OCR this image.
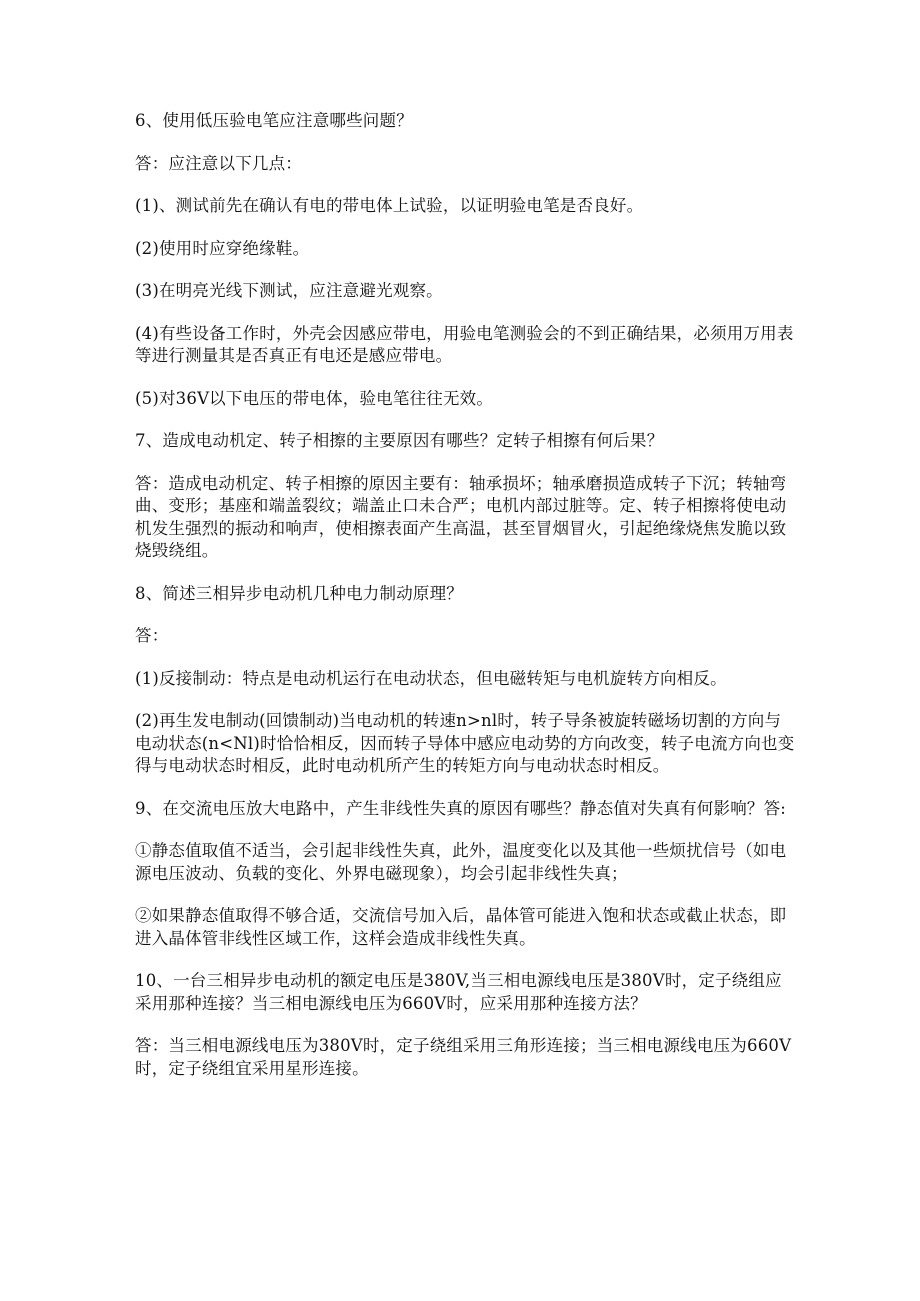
6、使用低压验电笔应注意哪些问题？

答：应注意以下几点：

(1)、测试前先在确认有电的带电体上试验，以证明验电笔是否良好。

(2)使用时应穿绝缘鞋。

(3)在明亮光线下测试，应注意避光观察。

(4)有些设备工作时，外壳会因感应带电，用验电笔测验会的不到正确结果，必须用万用表等进行测量其是否真正有电还是感应带电。

(5)对36V以下电压的带电体，验电笔往往无效。

7、造成电动机定、转子相擦的主要原因有哪些？定转子相擦有何后果？

答：造成电动机定、转子相擦的原因主要有：轴承损坏；轴承磨损造成转子下沉；转轴弯曲、变形；基座和端盖裂纹；端盖止口未合严；电机内部过脏等。定、转子相擦将使电动机发生强烈的振动和响声，使相擦表面产生高温，甚至冒烟冒火，引起绝缘烧焦发脆以致烧毁绕组。

8、简述三相异步电动机几种电力制动原理？

答：

(1)反接制动：特点是电动机运行在电动状态，但电磁转矩与电机旋转方向相反。

(2)再生发电制动(回馈制动)当电动机的转速n>nl时，转子导条被旋转磁场切割的方向与电动状态(n<Nl)时恰恰相反，因而转子导体中感应电动势的方向改变，转子电流方向也变得与电动状态时相反，此时电动机所产生的转矩方向与电动状态时相反。

9、在交流电压放大电路中，产生非线性失真的原因有哪些？静态值对失真有何影响？答:

①静态值取值不适当，会引起非线性失真，此外，温度变化以及其他一些烦扰信号（如电源电压波动、负载的变化、外界电磁现象），均会引起非线性失真；

②如果静态值取得不够合适，交流信号加入后，晶体管可能进入饱和状态或截止状态，即进入晶体管非线性区域工作，这样会造成非线性失真。

10、一台三相异步电动机的额定电压是380V,当三相电源线电压是380V时，定子绕组应采用那种连接？当三相电源线电压为660V时，应采用那种连接方法？

答：当三相电源线电压为380V时，定子绕组采用三角形连接；当三相电源线电压为660V时，定子绕组宜采用星形连接。
